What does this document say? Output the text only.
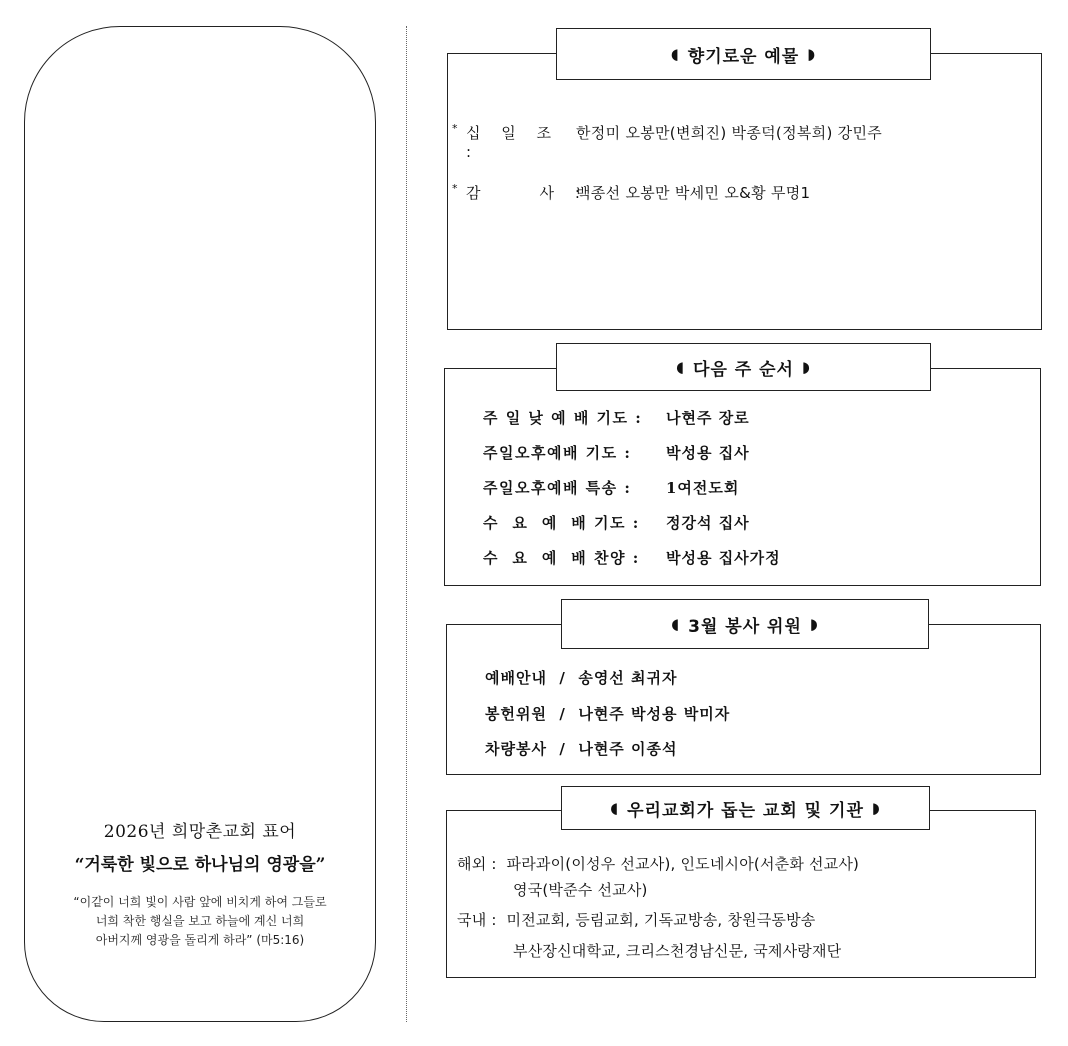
2026년 희망촌교회 표어
“거룩한 빛으로 하나님의 영광을”
“이같이 너희 빛이 사람 앞에 비치게 하여 그들로
너희 착한 행실을 보고 하늘에 계신 너희
아버지께 영광을 돌리게 하라” (마5:16)
* 십 일 조 :
한정미 오봉만(변희진) 박종덕(정복희) 강민주
* 감    사 :
백종선 오봉만 박세민 오&황 무명1
◖ 향기로운 예물 ◗
주 일 낮 예 배 기도 :	나현주 장로
주일오후예배 기도 :	박성용 집사
주일오후예배 특송 :	1여전도회
수  요  예  배 기도 :	정강석 집사
수  요  예  배 찬양 :	박성용 집사가정
◖ 다음 주 순서 ◗
예배안내  /  송영선 최귀자
봉헌위원  /  나현주 박성용 박미자
차량봉사  /  나현주 이종석
◖ 3월 봉사 위원 ◗
해외 :  파라과이(이성우 선교사), 인도네시아(서춘화 선교사)
영국(박준수 선교사)
국내 :  미전교회, 등림교회, 기독교방송, 창원극동방송
부산장신대학교, 크리스천경남신문, 국제사랑재단
◖ 우리교회가 돕는 교회 및 기관 ◗
